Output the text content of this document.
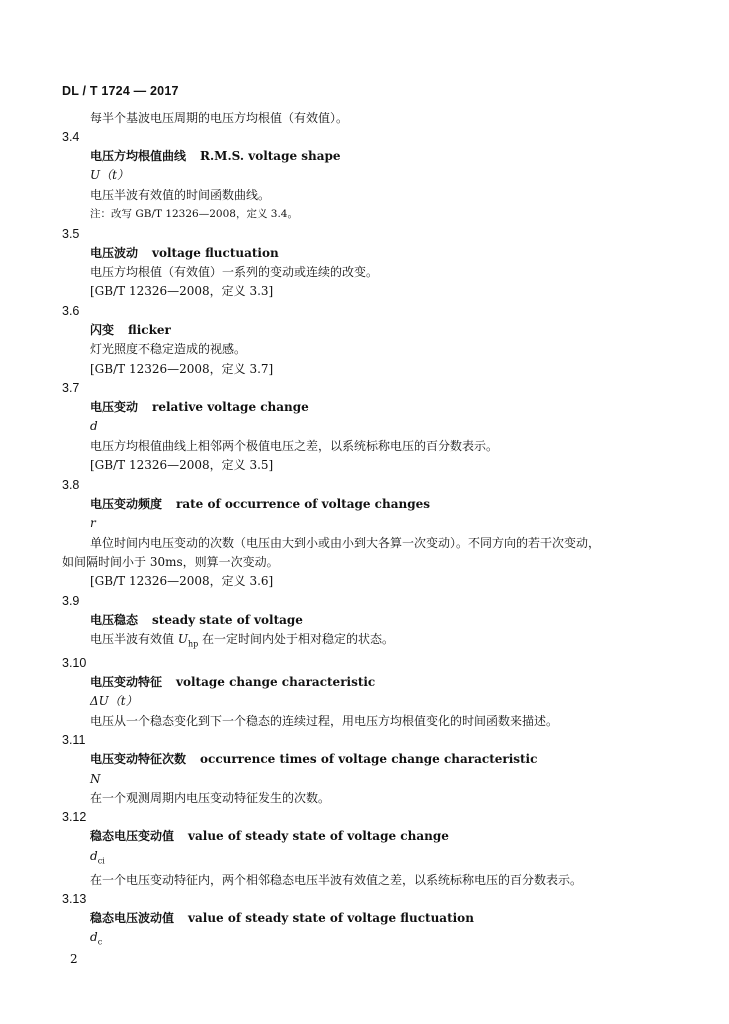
DL / T 1724 — 2017
每半个基波电压周期的电压方均根值（有效值）。
3.4
电压方均根值曲线 R.M.S. voltage shape
U（t）
电压半波有效值的时间函数曲线。
注：改写 GB/T 12326—2008，定义 3.4。
3.5
电压波动 voltage fluctuation
电压方均根值（有效值）一系列的变动或连续的改变。
[GB/T 12326—2008，定义 3.3]
3.6
闪变 flicker
灯光照度不稳定造成的视感。
[GB/T 12326—2008，定义 3.7]
3.7
电压变动 relative voltage change
d
电压方均根值曲线上相邻两个极值电压之差，以系统标称电压的百分数表示。
[GB/T 12326—2008，定义 3.5]
3.8
电压变动频度 rate of occurrence of voltage changes
r
单位时间内电压变动的次数（电压由大到小或由小到大各算一次变动）。不同方向的若干次变动，
如间隔时间小于 30ms，则算一次变动。
[GB/T 12326—2008，定义 3.6]
3.9
电压稳态 steady state of voltage
电压半波有效值 $U_{hp}$ 在一定时间内处于相对稳定的状态。
3.10
电压变动特征 voltage change characteristic
ΔU（t）
电压从一个稳态变化到下一个稳态的连续过程，用电压方均根值变化的时间函数来描述。
3.11
电压变动特征次数 occurrence times of voltage change characteristic
N
在一个观测周期内电压变动特征发生的次数。
3.12
稳态电压变动值 value of steady state of voltage change
$d_{ci}$
在一个电压变动特征内，两个相邻稳态电压半波有效值之差，以系统标称电压的百分数表示。
3.13
稳态电压波动值 value of steady state of voltage fluctuation
$d_c$
2
